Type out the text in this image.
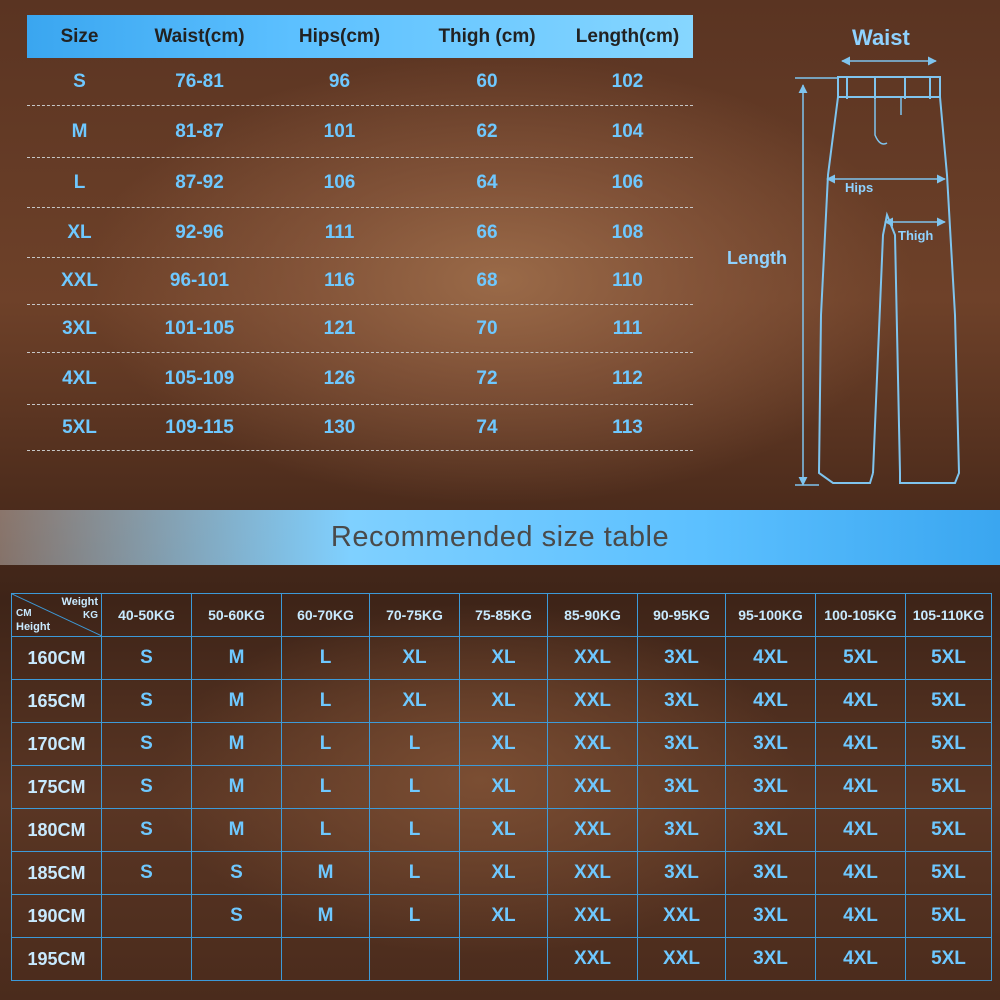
Size	Waist(cm)	Hips(cm)	Thigh (cm)	Length(cm)
S	76-81	96	60	102
M	81-87	101	62	104
L	87-92	106	64	106
XL	92-96	111	66	108
XXL	96-101	116	68	110
3XL	101-105	121	70	111
4XL	105-109	126	72	112
5XL	109-115	130	74	113
Waist
Hips
Thigh
Length
Recommended size table
Weight
KG
CM
Height	40-50KG	50-60KG	60-70KG	70-75KG	75-85KG	85-90KG	90-95KG	95-100KG	100-105KG	105-110KG
160CM	S	M	L	XL	XL	XXL	3XL	4XL	5XL	5XL
165CM	S	M	L	XL	XL	XXL	3XL	4XL	4XL	5XL
170CM	S	M	L	L	XL	XXL	3XL	3XL	4XL	5XL
175CM	S	M	L	L	XL	XXL	3XL	3XL	4XL	5XL
180CM	S	M	L	L	XL	XXL	3XL	3XL	4XL	5XL
185CM	S	S	M	L	XL	XXL	3XL	3XL	4XL	5XL
190CM		S	M	L	XL	XXL	XXL	3XL	4XL	5XL
195CM						XXL	XXL	3XL	4XL	5XL
